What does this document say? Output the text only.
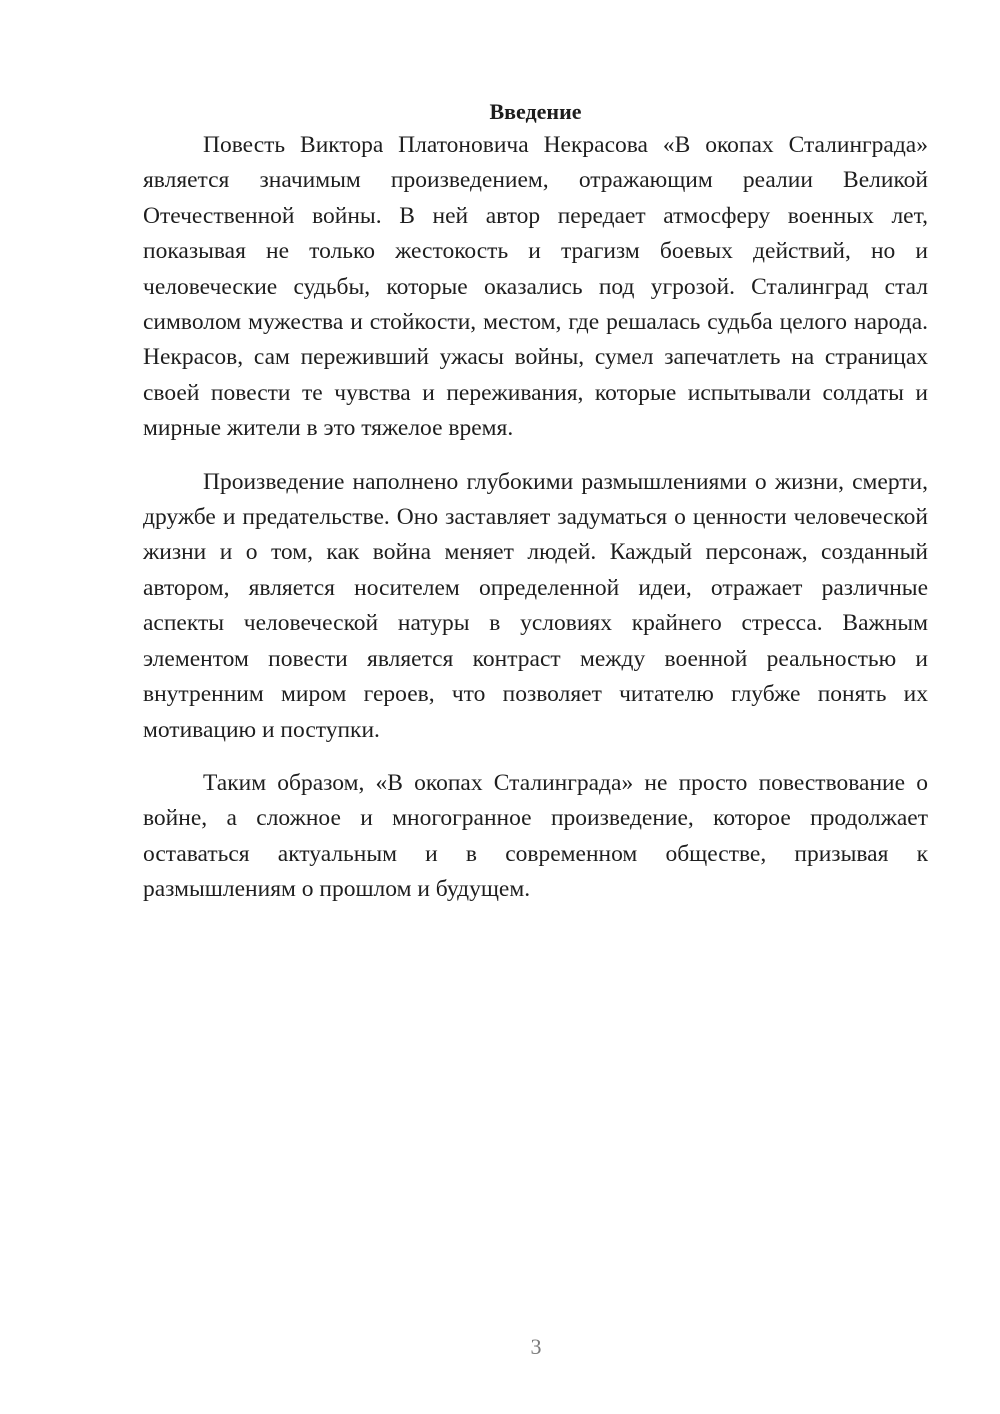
Введение

Повесть Виктора Платоновича Некрасова «В окопах Сталинграда» является значимым произведением, отражающим реалии Великой Отечественной войны. В ней автор передает атмосферу военных лет, показывая не только жестокость и трагизм боевых действий, но и человеческие судьбы, которые оказались под угрозой. Сталинград стал символом мужества и стойкости, местом, где решалась судьба целого народа. Некрасов, сам переживший ужасы войны, сумел запечатлеть на страницах своей повести те чувства и переживания, которые испытывали солдаты и мирные жители в это тяжелое время.

Произведение наполнено глубокими размышлениями о жизни, смерти, дружбе и предательстве. Оно заставляет задуматься о ценности человеческой жизни и о том, как война меняет людей. Каждый персонаж, созданный автором, является носителем определенной идеи, отражает различные аспекты человеческой натуры в условиях крайнего стресса. Важным элементом повести является контраст между военной реальностью и внутренним миром героев, что позволяет читателю глубже понять их мотивацию и поступки.

Таким образом, «В окопах Сталинграда» не просто повествование о войне, а сложное и многогранное произведение, которое продолжает оставаться актуальным и в современном обществе, призывая к размышлениям о прошлом и будущем.

3
